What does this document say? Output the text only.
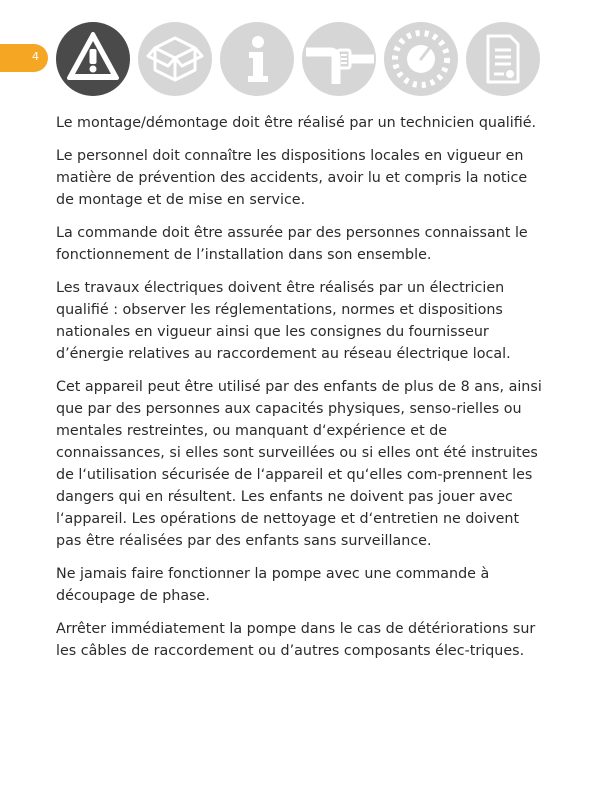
4

Le montage/démontage doit être réalisé par un technicien qualifié.

Le personnel doit connaître les dispositions locales en vigueur en matière de prévention des accidents, avoir lu et compris la notice de montage et de mise en service.

La commande doit être assurée par des personnes connaissant le fonctionnement de l’installation dans son ensemble.

Les travaux électriques doivent être réalisés par un électricien qualifié : observer les réglementations, normes et dispositions nationales en vigueur ainsi que les consignes du fournisseur d’énergie relatives au raccordement au réseau électrique local.

Cet appareil peut être utilisé par des enfants de plus de 8 ans, ainsi que par des personnes aux capacités physiques, senso-rielles ou mentales restreintes, ou manquant d‘expérience et de connaissances, si elles sont surveillées ou si elles ont été instruites de l‘utilisation sécurisée de l‘appareil et qu‘elles com-prennent les dangers qui en résultent. Les enfants ne doivent pas jouer avec l‘appareil. Les opérations de nettoyage et d‘entretien ne doivent pas être réalisées par des enfants sans surveillance.

Ne jamais faire fonctionner la pompe avec une commande à découpage de phase.

Arrêter immédiatement la pompe dans le cas de détériorations sur les câbles de raccordement ou d’autres composants élec-triques.
